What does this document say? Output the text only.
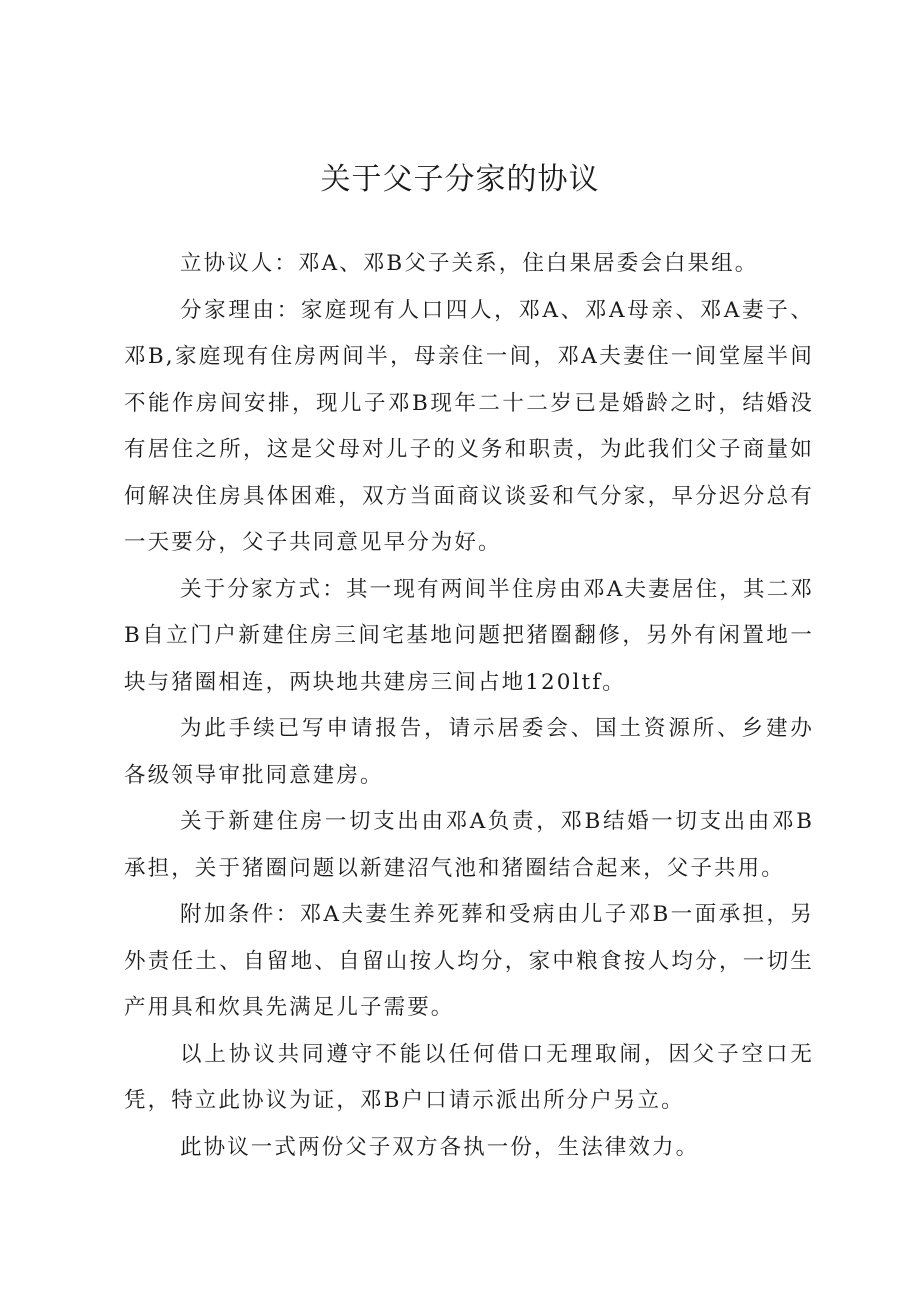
关于父子分家的协议

立协议人：邓A、邓B父子关系，住白果居委会白果组。

分家理由：家庭现有人口四人，邓A、邓A母亲、邓A妻子、邓B,家庭现有住房两间半，母亲住一间，邓A夫妻住一间堂屋半间不能作房间安排，现儿子邓B现年二十二岁已是婚龄之时，结婚没有居住之所，这是父母对儿子的义务和职责，为此我们父子商量如何解决住房具体困难，双方当面商议谈妥和气分家，早分迟分总有一天要分，父子共同意见早分为好。

关于分家方式：其一现有两间半住房由邓A夫妻居住，其二邓B自立门户新建住房三间宅基地问题把猪圈翻修，另外有闲置地一块与猪圈相连，两块地共建房三间占地120ltf。

为此手续已写申请报告，请示居委会、国土资源所、乡建办各级领导审批同意建房。

关于新建住房一切支出由邓A负责，邓B结婚一切支出由邓B承担，关于猪圈问题以新建沼气池和猪圈结合起来，父子共用。

附加条件：邓A夫妻生养死葬和受病由儿子邓B一面承担，另外责任土、自留地、自留山按人均分，家中粮食按人均分，一切生产用具和炊具先满足儿子需要。

以上协议共同遵守不能以任何借口无理取闹，因父子空口无凭，特立此协议为证，邓B户口请示派出所分户另立。

此协议一式两份父子双方各执一份，生法律效力。
